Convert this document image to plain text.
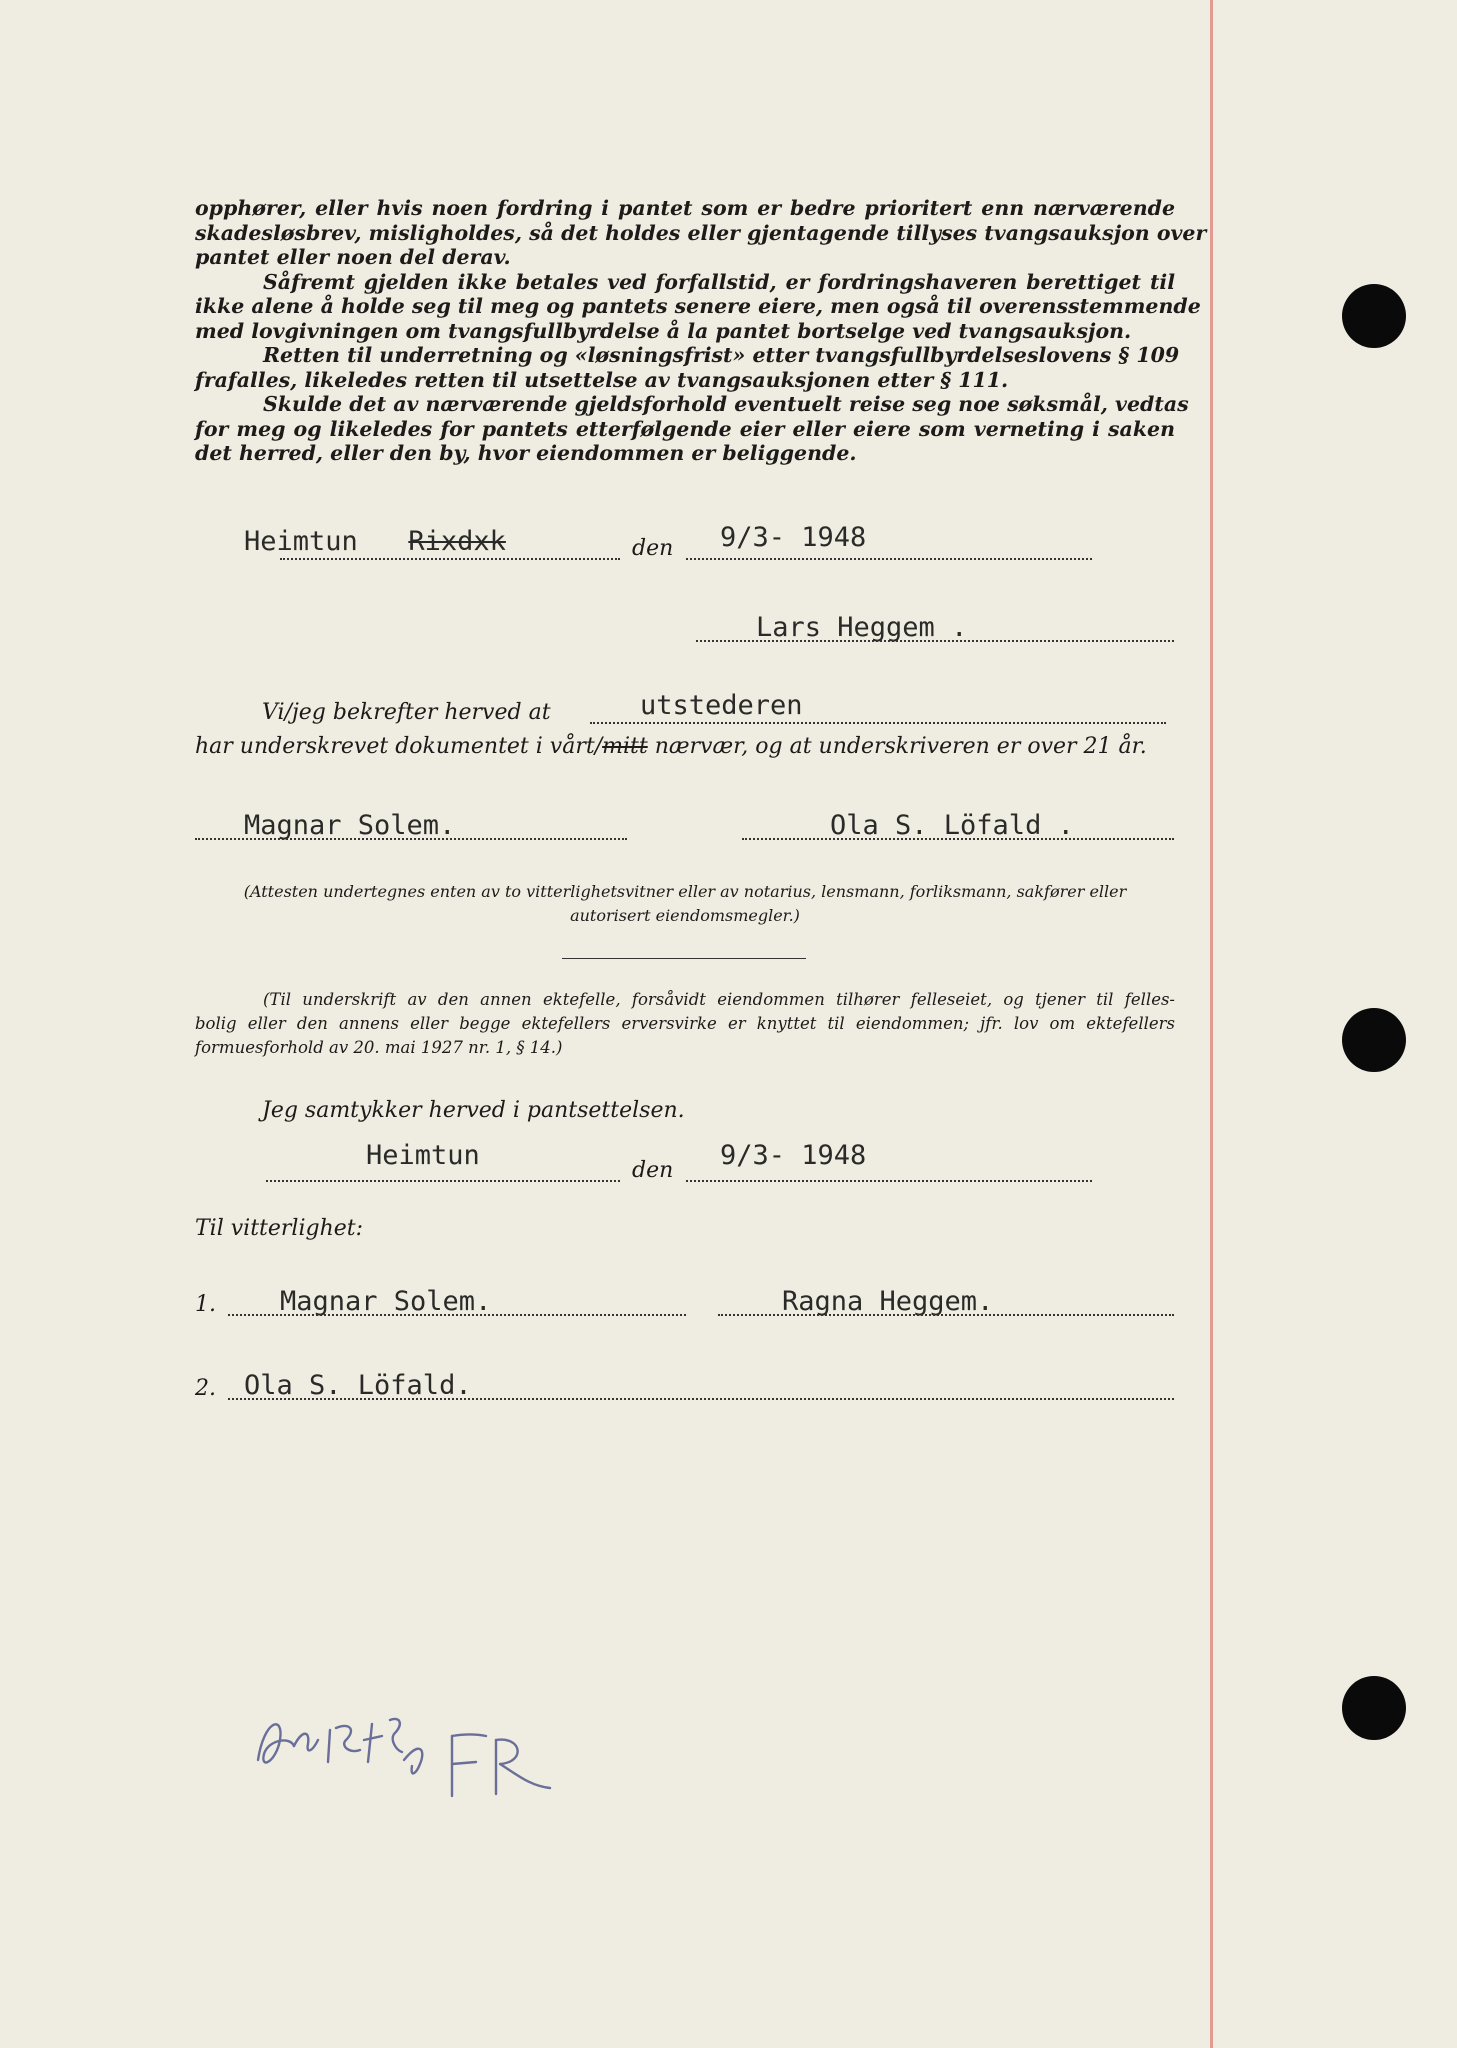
opphører, eller hvis noen fordring i pantet som er bedre prioritert enn nærværende
skadesløsbrev, misligholdes, så det holdes eller gjentagende tillyses tvangsauksjon over
pantet eller noen del derav.
Såfremt gjelden ikke betales ved forfallstid, er fordringshaveren berettiget til
ikke alene å holde seg til meg og pantets senere eiere, men også til overensstemmende
med lovgivningen om tvangsfullbyrdelse å la pantet bortselge ved tvangsauksjon.
Retten til underretning og «løsningsfrist» etter tvangsfullbyrdelseslovens § 109
frafalles, likeledes retten til utsettelse av tvangsauksjonen etter § 111.
Skulde det av nærværende gjeldsforhold eventuelt reise seg noe søksmål, vedtas
for meg og likeledes for pantets etterfølgende eier eller eiere som verneting i saken
det herred, eller den by, hvor eiendommen er beliggende.
Heimtun Rixdxk	den 9/3- 1948
Lars Heggem .
Vi/jeg bekrefter herved at	utstederen
har underskrevet dokumentet i vårt/mitt nærvær, og at underskriveren er over 21 år.
Magnar Solem.	Ola S. Löfald .
(Attesten undertegnes enten av to vitterlighetsvitner eller av notarius, lensmann, forliksmann, sakfører eller
autorisert eiendomsmegler.)
(Til underskrift av den annen ektefelle, forsåvidt eiendommen tilhører felleseiet, og tjener til felles-
bolig eller den annens eller begge ektefellers erversvirke er knyttet til eiendommen; jfr. lov om ektefellers
formuesforhold av 20. mai 1927 nr. 1, § 14.)
Jeg samtykker herved i pantsettelsen.
Heimtun	den 9/3- 1948
Til vitterlighet:
1. Magnar Solem.	Ragna Heggem.
2. Ola S. Löfald.
